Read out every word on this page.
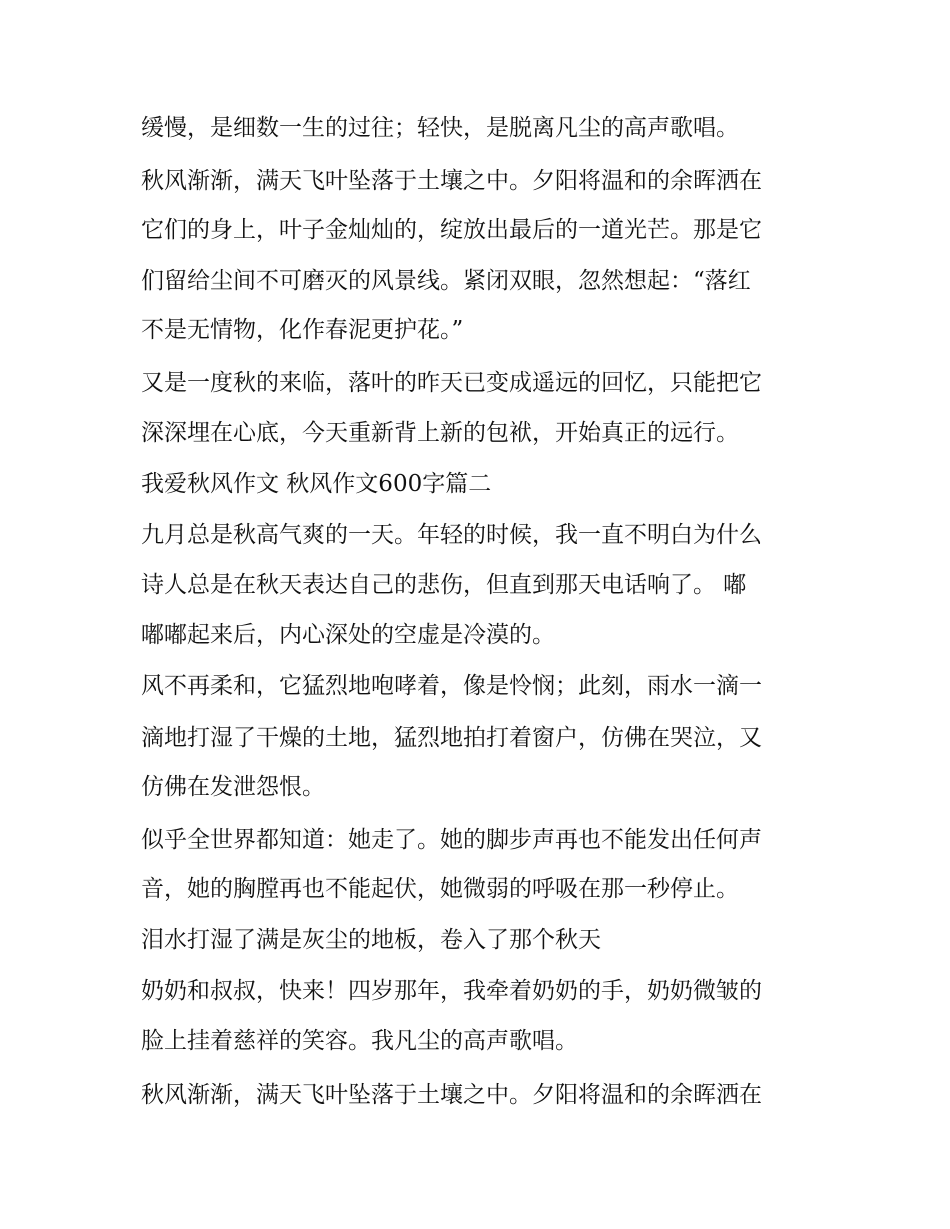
缓慢，是细数一生的过往；轻快，是脱离凡尘的高声歌唱。
秋风渐渐，满天飞叶坠落于土壤之中。夕阳将温和的余晖洒在
它们的身上，叶子金灿灿的，绽放出最后的一道光芒。那是它
们留给尘间不可磨灭的风景线。紧闭双眼，忽然想起：“落红
不是无情物，化作春泥更护花。”
又是一度秋的来临，落叶的昨天已变成遥远的回忆，只能把它
深深埋在心底，今天重新背上新的包袱，开始真正的远行。
我爱秋风作文 秋风作文600字篇二
九月总是秋高气爽的一天。年轻的时候，我一直不明白为什么
诗人总是在秋天表达自己的悲伤，但直到那天电话响了。 嘟
嘟嘟起来后，内心深处的空虚是冷漠的。
风不再柔和，它猛烈地咆哮着，像是怜悯；此刻，雨水一滴一
滴地打湿了干燥的土地，猛烈地拍打着窗户，仿佛在哭泣，又
仿佛在发泄怨恨。
似乎全世界都知道：她走了。她的脚步声再也不能发出任何声
音，她的胸膛再也不能起伏，她微弱的呼吸在那一秒停止。
泪水打湿了满是灰尘的地板，卷入了那个秋天
奶奶和叔叔，快来！四岁那年，我牵着奶奶的手，奶奶微皱的
脸上挂着慈祥的笑容。我凡尘的高声歌唱。
秋风渐渐，满天飞叶坠落于土壤之中。夕阳将温和的余晖洒在
